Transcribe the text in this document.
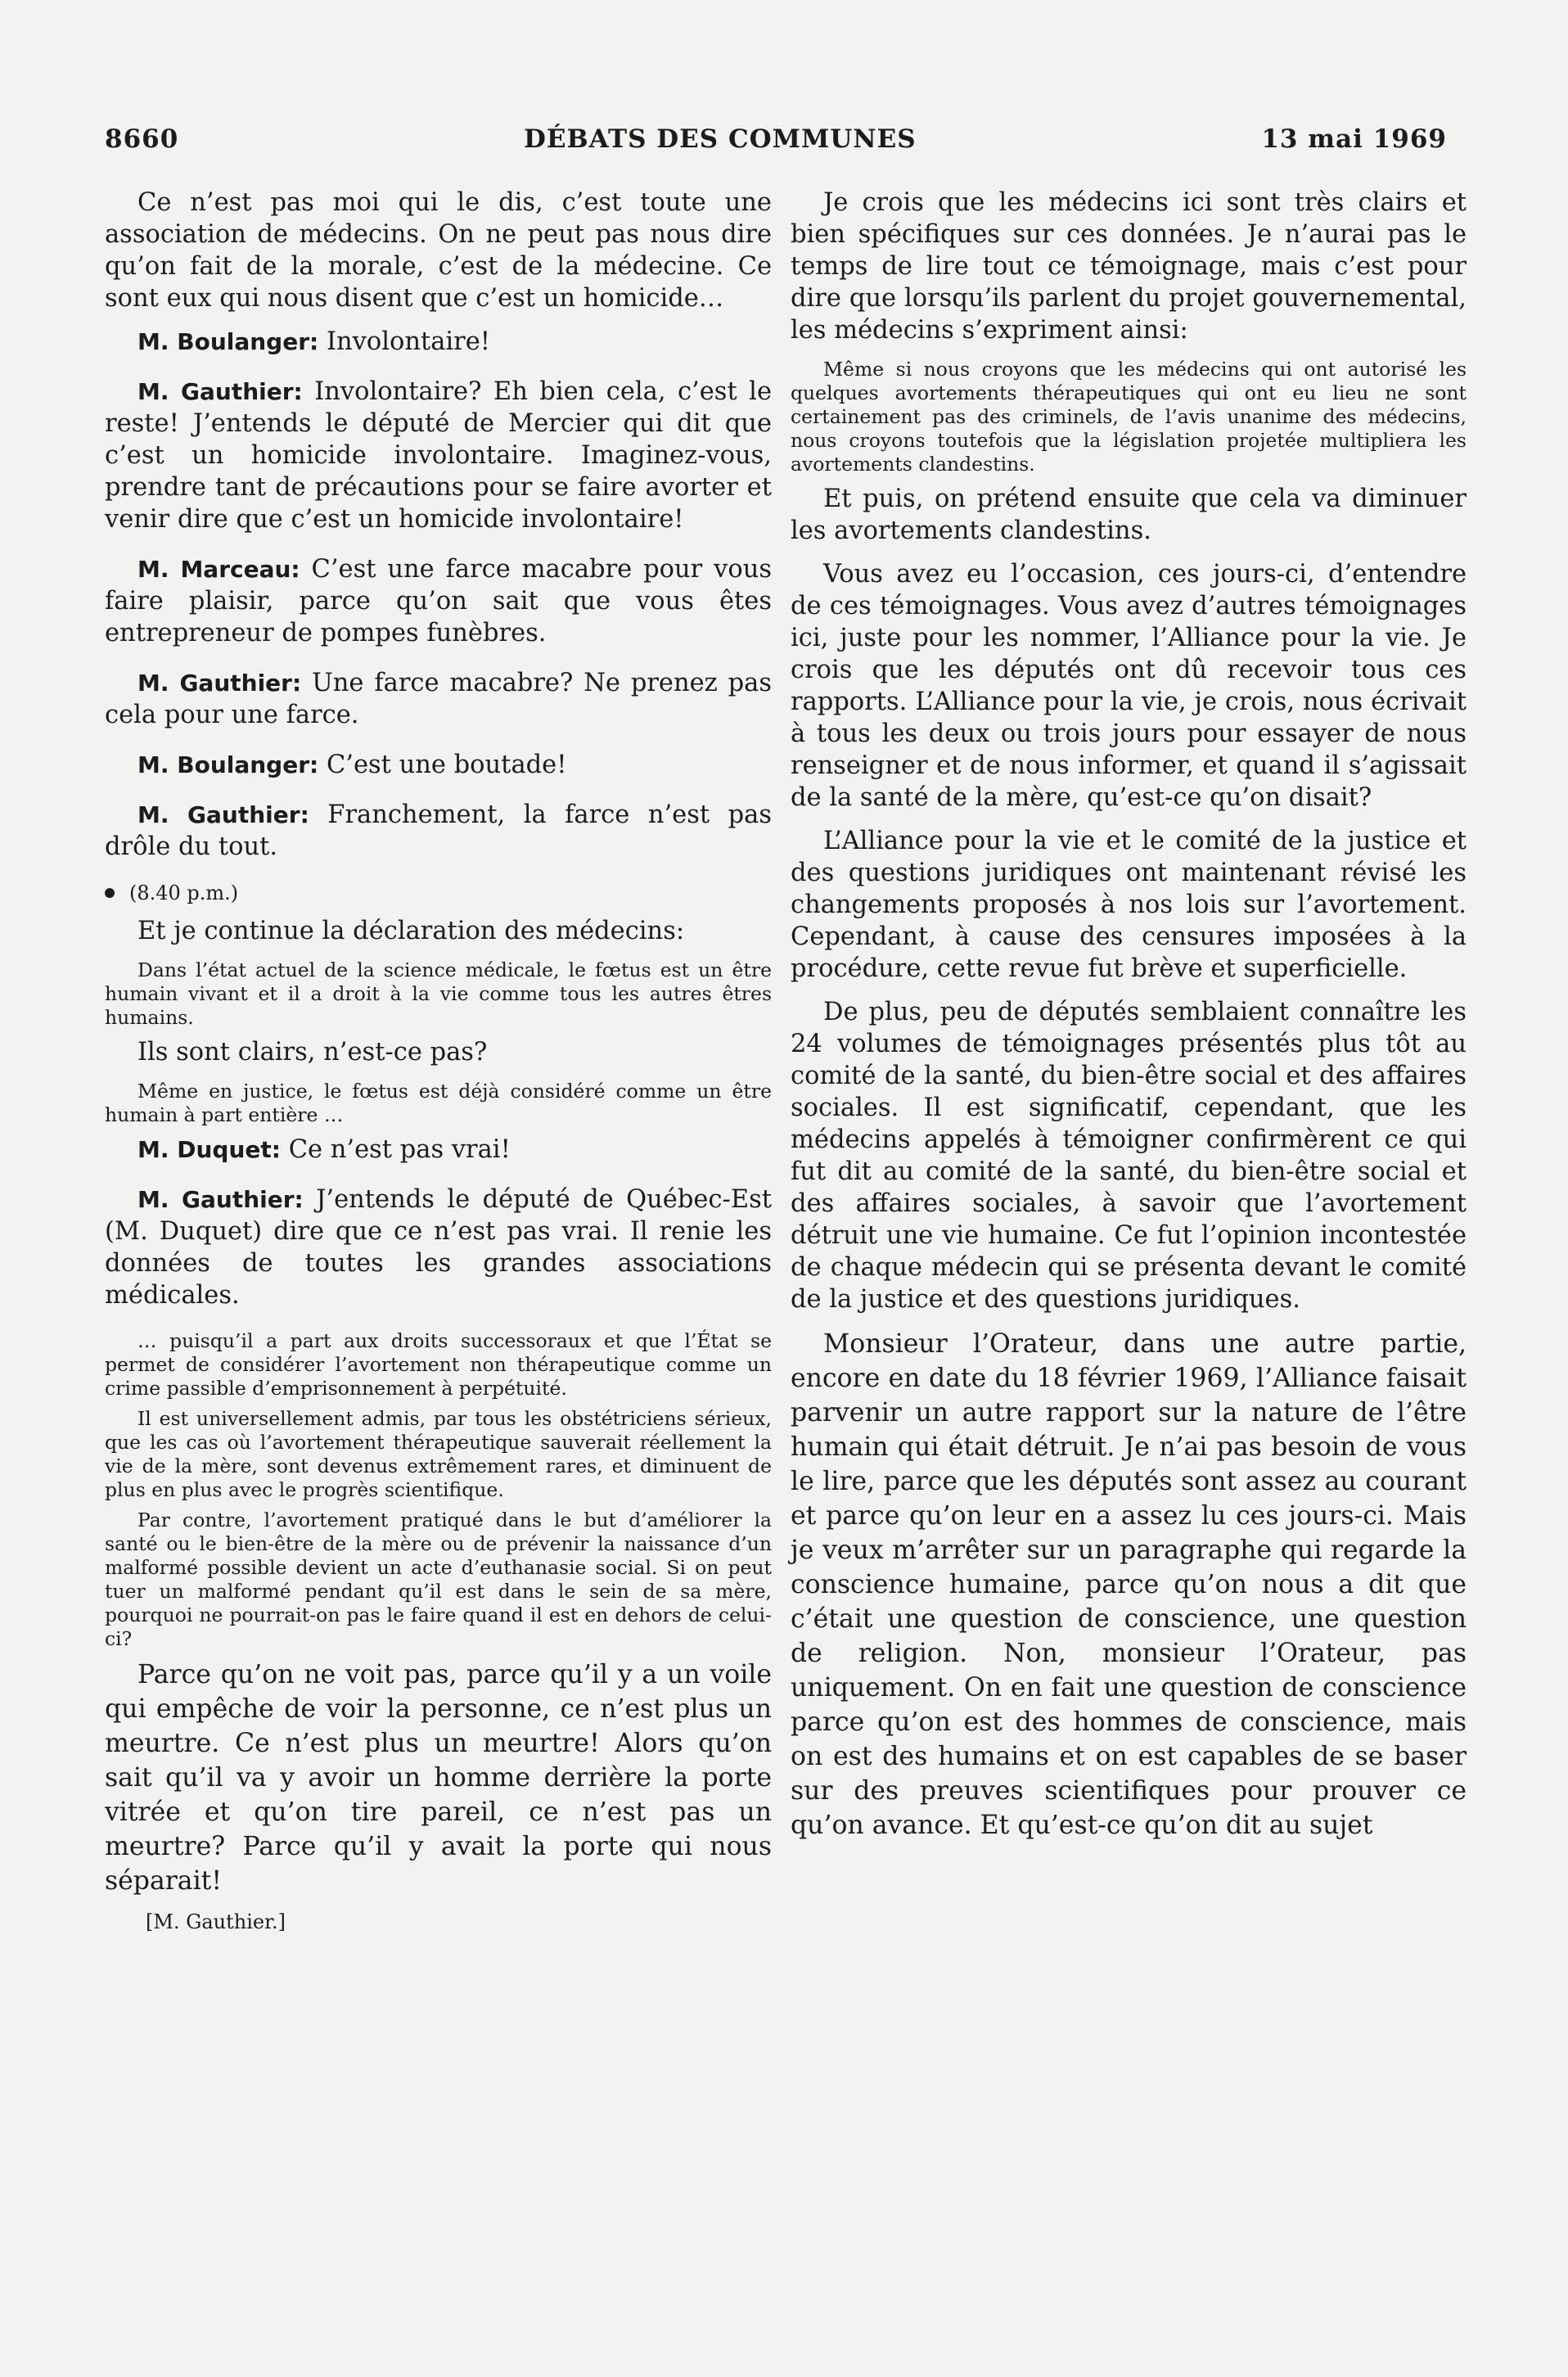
8660	DÉBATS DES COMMUNES	13 mai 1969

Ce n’est pas moi qui le dis, c’est toute une association de médecins. On ne peut pas nous dire qu’on fait de la morale, c’est de la médecine. Ce sont eux qui nous disent que c’est un homicide…

M. Boulanger: Involontaire!

M. Gauthier: Involontaire? Eh bien cela, c’est le reste! J’entends le député de Mercier qui dit que c’est un homicide involontaire. Imaginez-vous, prendre tant de précautions pour se faire avorter et venir dire que c’est un homicide involontaire!

M. Marceau: C’est une farce macabre pour vous faire plaisir, parce qu’on sait que vous êtes entrepreneur de pompes funèbres.

M. Gauthier: Une farce macabre? Ne prenez pas cela pour une farce.

M. Boulanger: C’est une boutade!

M. Gauthier: Franchement, la farce n’est pas drôle du tout.

(8.40 p.m.)

Et je continue la déclaration des médecins:

Dans l’état actuel de la science médicale, le fœtus est un être humain vivant et il a droit à la vie comme tous les autres êtres humains.

Ils sont clairs, n’est-ce pas?

Même en justice, le fœtus est déjà considéré comme un être humain à part entière …

M. Duquet: Ce n’est pas vrai!

M. Gauthier: J’entends le député de Québec-Est (M. Duquet) dire que ce n’est pas vrai. Il renie les données de toutes les grandes associations médicales.

… puisqu’il a part aux droits successoraux et que l’État se permet de considérer l’avortement non thérapeutique comme un crime passible d’emprisonnement à perpétuité.

Il est universellement admis, par tous les obstétriciens sérieux, que les cas où l’avortement thérapeutique sauverait réellement la vie de la mère, sont devenus extrêmement rares, et diminuent de plus en plus avec le progrès scientifique.

Par contre, l’avortement pratiqué dans le but d’améliorer la santé ou le bien-être de la mère ou de prévenir la naissance d’un malformé possible devient un acte d’euthanasie social. Si on peut tuer un malformé pendant qu’il est dans le sein de sa mère, pourquoi ne pourrait-on pas le faire quand il est en dehors de celui-ci?

Parce qu’on ne voit pas, parce qu’il y a un voile qui empêche de voir la personne, ce n’est plus un meurtre. Ce n’est plus un meurtre! Alors qu’on sait qu’il va y avoir un homme derrière la porte vitrée et qu’on tire pareil, ce n’est pas un meurtre? Parce qu’il y avait la porte qui nous séparait!

[M. Gauthier.]

Je crois que les médecins ici sont très clairs et bien spécifiques sur ces données. Je n’aurai pas le temps de lire tout ce témoignage, mais c’est pour dire que lorsqu’ils parlent du projet gouvernemental, les médecins s’expriment ainsi:

Même si nous croyons que les médecins qui ont autorisé les quelques avortements thérapeutiques qui ont eu lieu ne sont certainement pas des criminels, de l’avis unanime des médecins, nous croyons toutefois que la législation projetée multipliera les avortements clandestins.

Et puis, on prétend ensuite que cela va diminuer les avortements clandestins.

Vous avez eu l’occasion, ces jours-ci, d’entendre de ces témoignages. Vous avez d’autres témoignages ici, juste pour les nommer, l’Alliance pour la vie. Je crois que les députés ont dû recevoir tous ces rapports. L’Alliance pour la vie, je crois, nous écrivait à tous les deux ou trois jours pour essayer de nous renseigner et de nous informer, et quand il s’agissait de la santé de la mère, qu’est-ce qu’on disait?

L’Alliance pour la vie et le comité de la justice et des questions juridiques ont maintenant révisé les changements proposés à nos lois sur l’avortement. Cependant, à cause des censures imposées à la procédure, cette revue fut brève et superficielle.

De plus, peu de députés semblaient connaître les 24 volumes de témoignages présentés plus tôt au comité de la santé, du bien-être social et des affaires sociales. Il est significatif, cependant, que les médecins appelés à témoigner confirmèrent ce qui fut dit au comité de la santé, du bien-être social et des affaires sociales, à savoir que l’avortement détruit une vie humaine. Ce fut l’opinion incontestée de chaque médecin qui se présenta devant le comité de la justice et des questions juridiques.

Monsieur l’Orateur, dans une autre partie, encore en date du 18 février 1969, l’Alliance faisait parvenir un autre rapport sur la nature de l’être humain qui était détruit. Je n’ai pas besoin de vous le lire, parce que les députés sont assez au courant et parce qu’on leur en a assez lu ces jours-ci. Mais je veux m’arrêter sur un paragraphe qui regarde la conscience humaine, parce qu’on nous a dit que c’était une question de conscience, une question de religion. Non, monsieur l’Orateur, pas uniquement. On en fait une question de conscience parce qu’on est des hommes de conscience, mais on est des humains et on est capables de se baser sur des preuves scientifiques pour prouver ce qu’on avance. Et qu’est-ce qu’on dit au sujet
